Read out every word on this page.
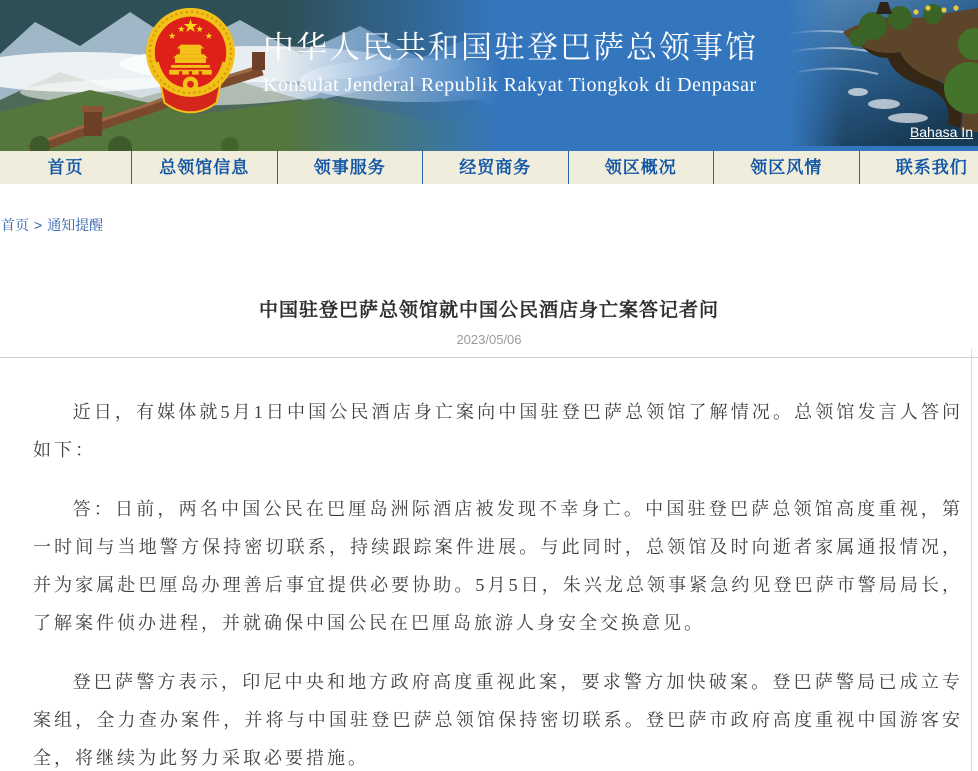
中华人民共和国驻登巴萨总领事馆
Konsulat Jenderal Republik Rakyat Tiongkok di Denpasar
Bahasa In
首页	总领馆信息	领事服务	经贸商务	领区概况	领区风情	联系我们
首页 > 通知提醒
中国驻登巴萨总领馆就中国公民酒店身亡案答记者问
2023/05/06

近日，有媒体就5月1日中国公民酒店身亡案向中国驻登巴萨总领馆了解情况。总领馆发言人答问如下：

答：日前，两名中国公民在巴厘岛洲际酒店被发现不幸身亡。中国驻登巴萨总领馆高度重视，第一时间与当地警方保持密切联系，持续跟踪案件进展。与此同时，总领馆及时向逝者家属通报情况，并为家属赴巴厘岛办理善后事宜提供必要协助。5月5日，朱兴龙总领事紧急约见登巴萨市警局局长，了解案件侦办进程，并就确保中国公民在巴厘岛旅游人身安全交换意见。

登巴萨警方表示，印尼中央和地方政府高度重视此案，要求警方加快破案。登巴萨警局已成立专案组，全力查办案件，并将与中国驻登巴萨总领馆保持密切联系。登巴萨市政府高度重视中国游客安全，将继续为此努力采取必要措施。
